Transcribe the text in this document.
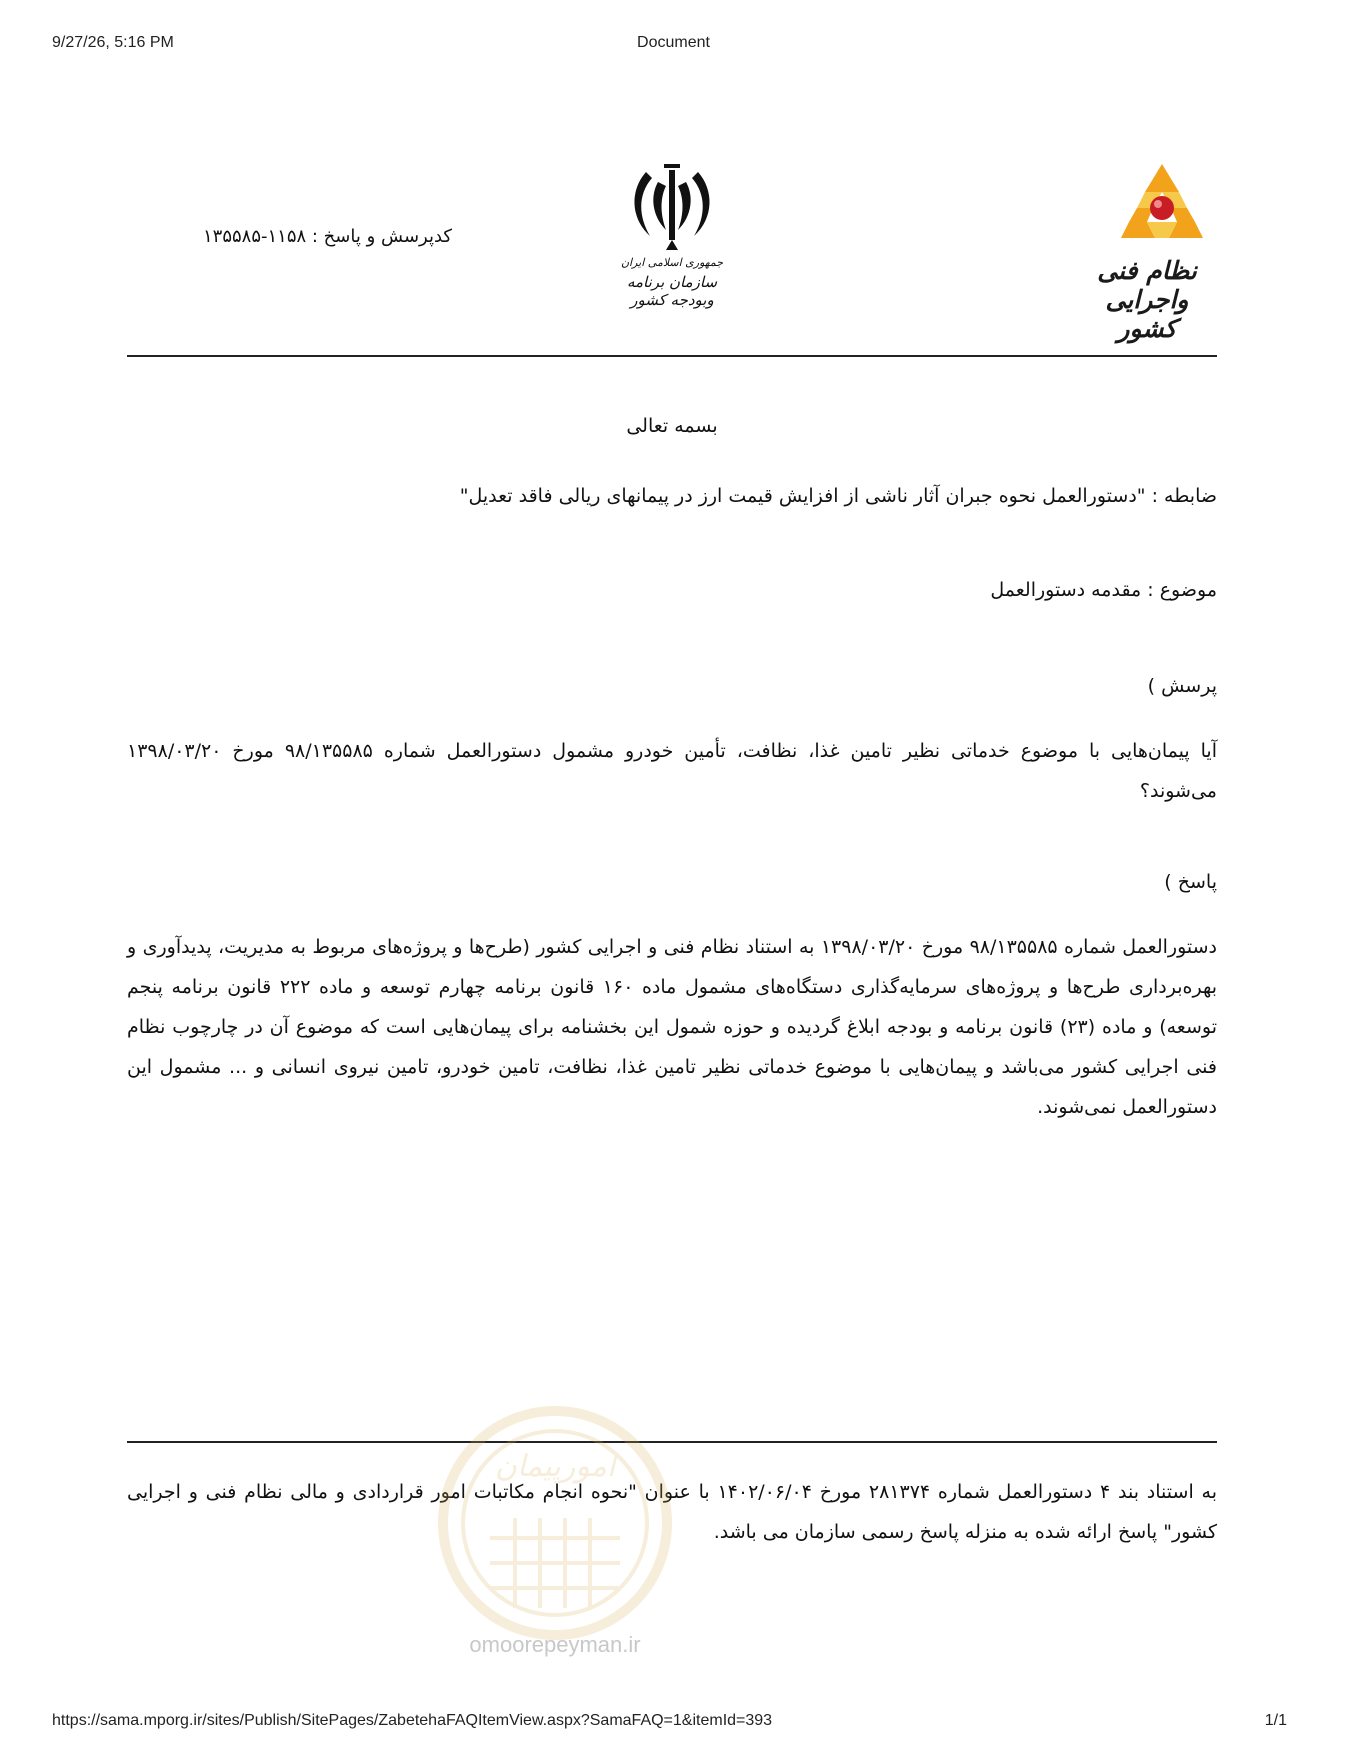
9/27/26, 5:16 PM	Document
نظام فنی واجرایی کشور
جمهوری اسلامی ایران
سازمان برنامه وبودجه کشور
کدپرسش و پاسخ : ۱۱۵۸-۱۳۵۵۸۵
بسمه تعالی
ضابطه : "دستورالعمل نحوه جبران آثار ناشی از افزایش قیمت ارز در پیمانهای ریالی فاقد تعدیل"
موضوع : مقدمه دستورالعمل
پرسش )
آیا پیمان‌هایی با موضوع خدماتی نظیر تامین غذا، نظافت، تأمین خودرو مشمول دستورالعمل شماره ۹۸/۱۳۵۵۸۵ مورخ ۱۳۹۸/۰۳/۲۰ می‌شوند؟
پاسخ )
دستورالعمل شماره ۹۸/۱۳۵۵۸۵ مورخ ۱۳۹۸/۰۳/۲۰ به استناد نظام فنی و اجرایی کشور (طرح‌ها و پروژه‌های مربوط به مدیریت، پدیدآوری و بهره‌برداری طرح‌ها و پروژه‌های سرمایه‌گذاری دستگاه‌های مشمول ماده ۱۶۰ قانون برنامه چهارم توسعه و ماده ۲۲۲ قانون برنامه پنجم توسعه) و ماده (۲۳) قانون برنامه و بودجه ابلاغ گردیده و حوزه شمول این بخشنامه برای پیمان‌هایی است که موضوع آن در چارچوب نظام فنی اجرایی کشور می‌باشد و پیمان‌هایی با موضوع خدماتی نظیر تامین غذا، نظافت، تامین خودرو، تامین نیروی انسانی و ... مشمول این دستورالعمل نمی‌شوند.
به استناد بند ۴ دستورالعمل شماره ۲۸۱۳۷۴ مورخ ۱۴۰۲/۰۶/۰۴ با عنوان "نحوه انجام مکاتبات امور قراردادی و مالی نظام فنی و اجرایی کشور" پاسخ ارائه شده به منزله پاسخ رسمی سازمان می باشد.
امورپیمان
omoorepeyman.ir
https://sama.mporg.ir/sites/Publish/SitePages/ZabetehaFAQItemView.aspx?SamaFAQ=1&itemId=393	1/1
